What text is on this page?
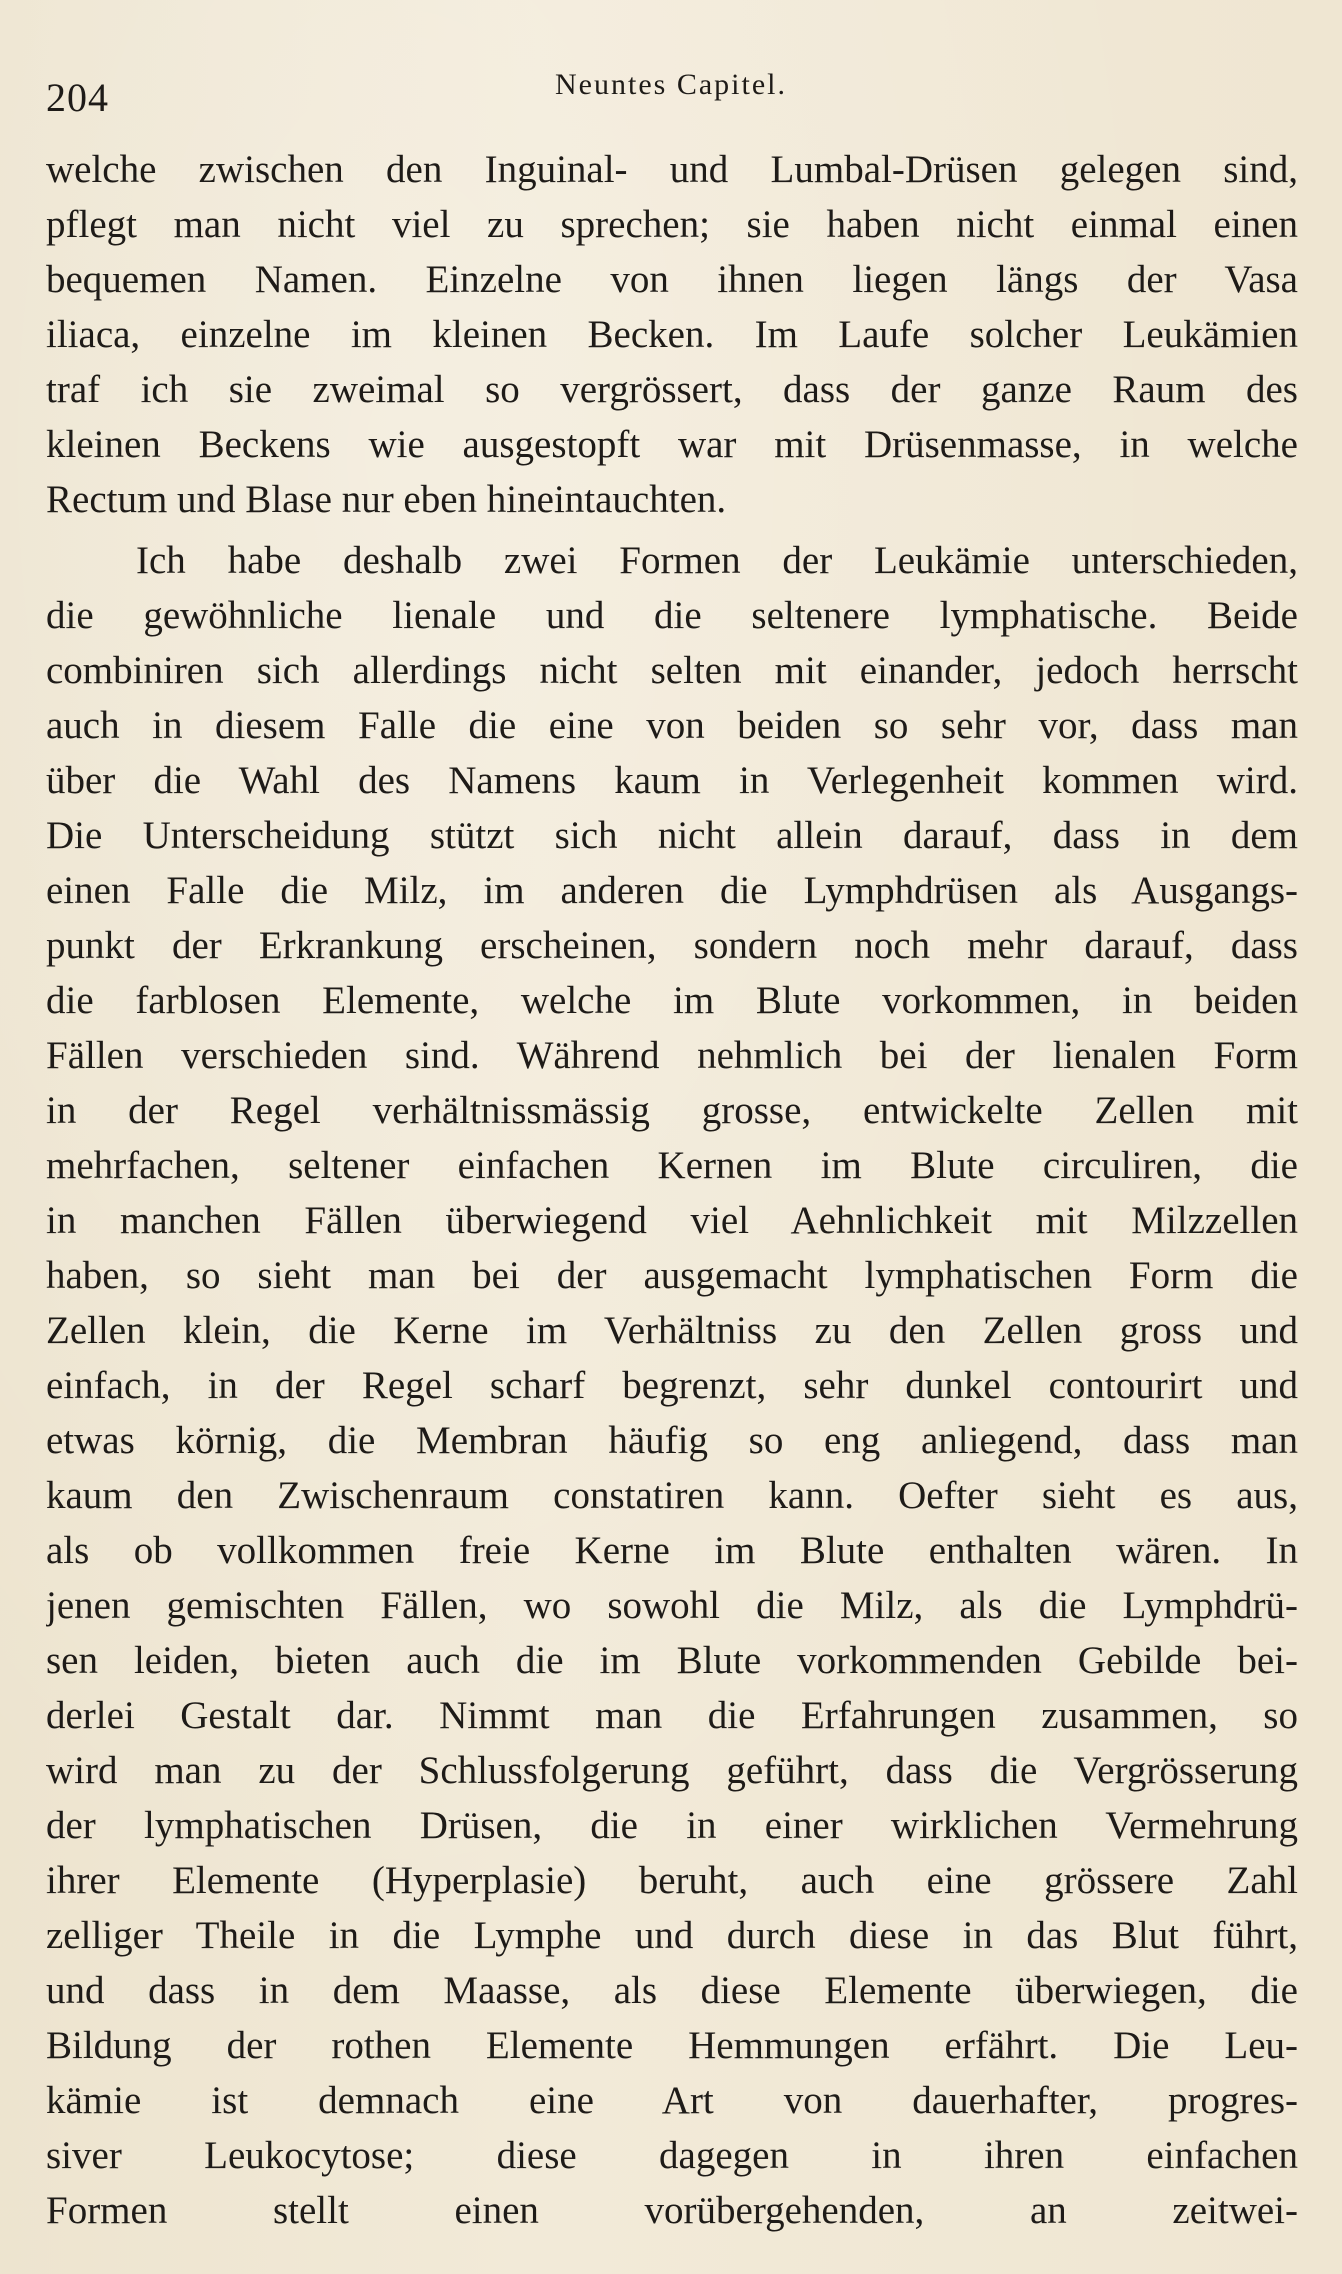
204	Neuntes Capitel.
welche zwischen den Inguinal- und Lumbal-Drüsen gelegen sind,
pflegt man nicht viel zu sprechen; sie haben nicht einmal einen
bequemen Namen. Einzelne von ihnen liegen längs der Vasa
iliaca, einzelne im kleinen Becken. Im Laufe solcher Leukämien
traf ich sie zweimal so vergrössert, dass der ganze Raum des
kleinen Beckens wie ausgestopft war mit Drüsenmasse, in welche
Rectum und Blase nur eben hineintauchten.
Ich habe deshalb zwei Formen der Leukämie unterschieden,
die gewöhnliche lienale und die seltenere lymphatische. Beide
combiniren sich allerdings nicht selten mit einander, jedoch herrscht
auch in diesem Falle die eine von beiden so sehr vor, dass man
über die Wahl des Namens kaum in Verlegenheit kommen wird.
Die Unterscheidung stützt sich nicht allein darauf, dass in dem
einen Falle die Milz, im anderen die Lymphdrüsen als Ausgangs-
punkt der Erkrankung erscheinen, sondern noch mehr darauf, dass
die farblosen Elemente, welche im Blute vorkommen, in beiden
Fällen verschieden sind. Während nehmlich bei der lienalen Form
in der Regel verhältnissmässig grosse, entwickelte Zellen mit
mehrfachen, seltener einfachen Kernen im Blute circuliren, die
in manchen Fällen überwiegend viel Aehnlichkeit mit Milzzellen
haben, so sieht man bei der ausgemacht lymphatischen Form die
Zellen klein, die Kerne im Verhältniss zu den Zellen gross und
einfach, in der Regel scharf begrenzt, sehr dunkel contourirt und
etwas körnig, die Membran häufig so eng anliegend, dass man
kaum den Zwischenraum constatiren kann. Oefter sieht es aus,
als ob vollkommen freie Kerne im Blute enthalten wären. In
jenen gemischten Fällen, wo sowohl die Milz, als die Lymphdrü-
sen leiden, bieten auch die im Blute vorkommenden Gebilde bei-
derlei Gestalt dar. Nimmt man die Erfahrungen zusammen, so
wird man zu der Schlussfolgerung geführt, dass die Vergrösserung
der lymphatischen Drüsen, die in einer wirklichen Vermehrung
ihrer Elemente (Hyperplasie) beruht, auch eine grössere Zahl
zelliger Theile in die Lymphe und durch diese in das Blut führt,
und dass in dem Maasse, als diese Elemente überwiegen, die
Bildung der rothen Elemente Hemmungen erfährt. Die Leu-
kämie ist demnach eine Art von dauerhafter, progres-
siver Leukocytose; diese dagegen in ihren einfachen
Formen stellt einen vorübergehenden, an zeitwei-
